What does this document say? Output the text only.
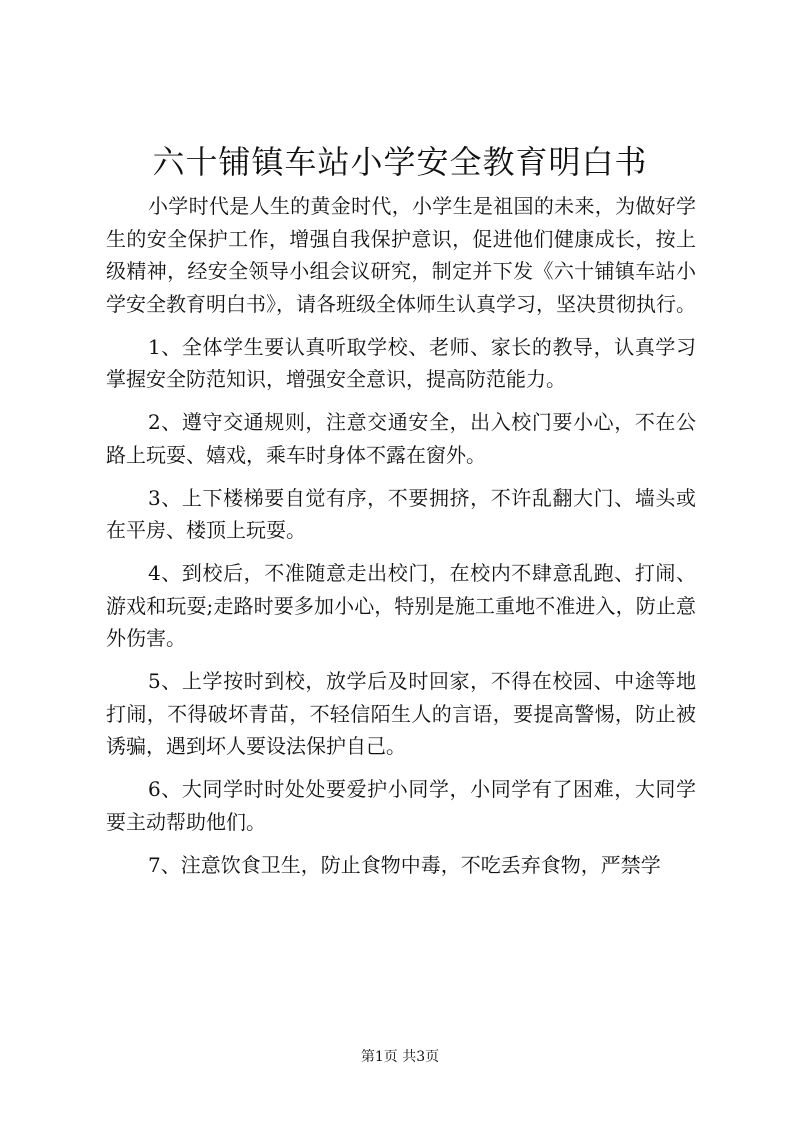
六十铺镇车站小学安全教育明白书

小学时代是人生的黄金时代，小学生是祖国的未来，为做好学生的安全保护工作，增强自我保护意识，促进他们健康成长，按上级精神，经安全领导小组会议研究，制定并下发《六十铺镇车站小学安全教育明白书》，请各班级全体师生认真学习，坚决贯彻执行。

1、全体学生要认真听取学校、老师、家长的教导，认真学习掌握安全防范知识，增强安全意识，提高防范能力。

2、遵守交通规则，注意交通安全，出入校门要小心，不在公路上玩耍、嬉戏，乘车时身体不露在窗外。

3、上下楼梯要自觉有序，不要拥挤，不许乱翻大门、墙头或在平房、楼顶上玩耍。

4、到校后，不准随意走出校门，在校内不肆意乱跑、打闹、游戏和玩耍;走路时要多加小心，特别是施工重地不准进入，防止意外伤害。

5、上学按时到校，放学后及时回家，不得在校园、中途等地打闹，不得破坏青苗，不轻信陌生人的言语，要提高警惕，防止被诱骗，遇到坏人要设法保护自己。

6、大同学时时处处要爱护小同学，小同学有了困难，大同学要主动帮助他们。

7、注意饮食卫生，防止食物中毒，不吃丢弃食物，严禁学

第1页 共3页
